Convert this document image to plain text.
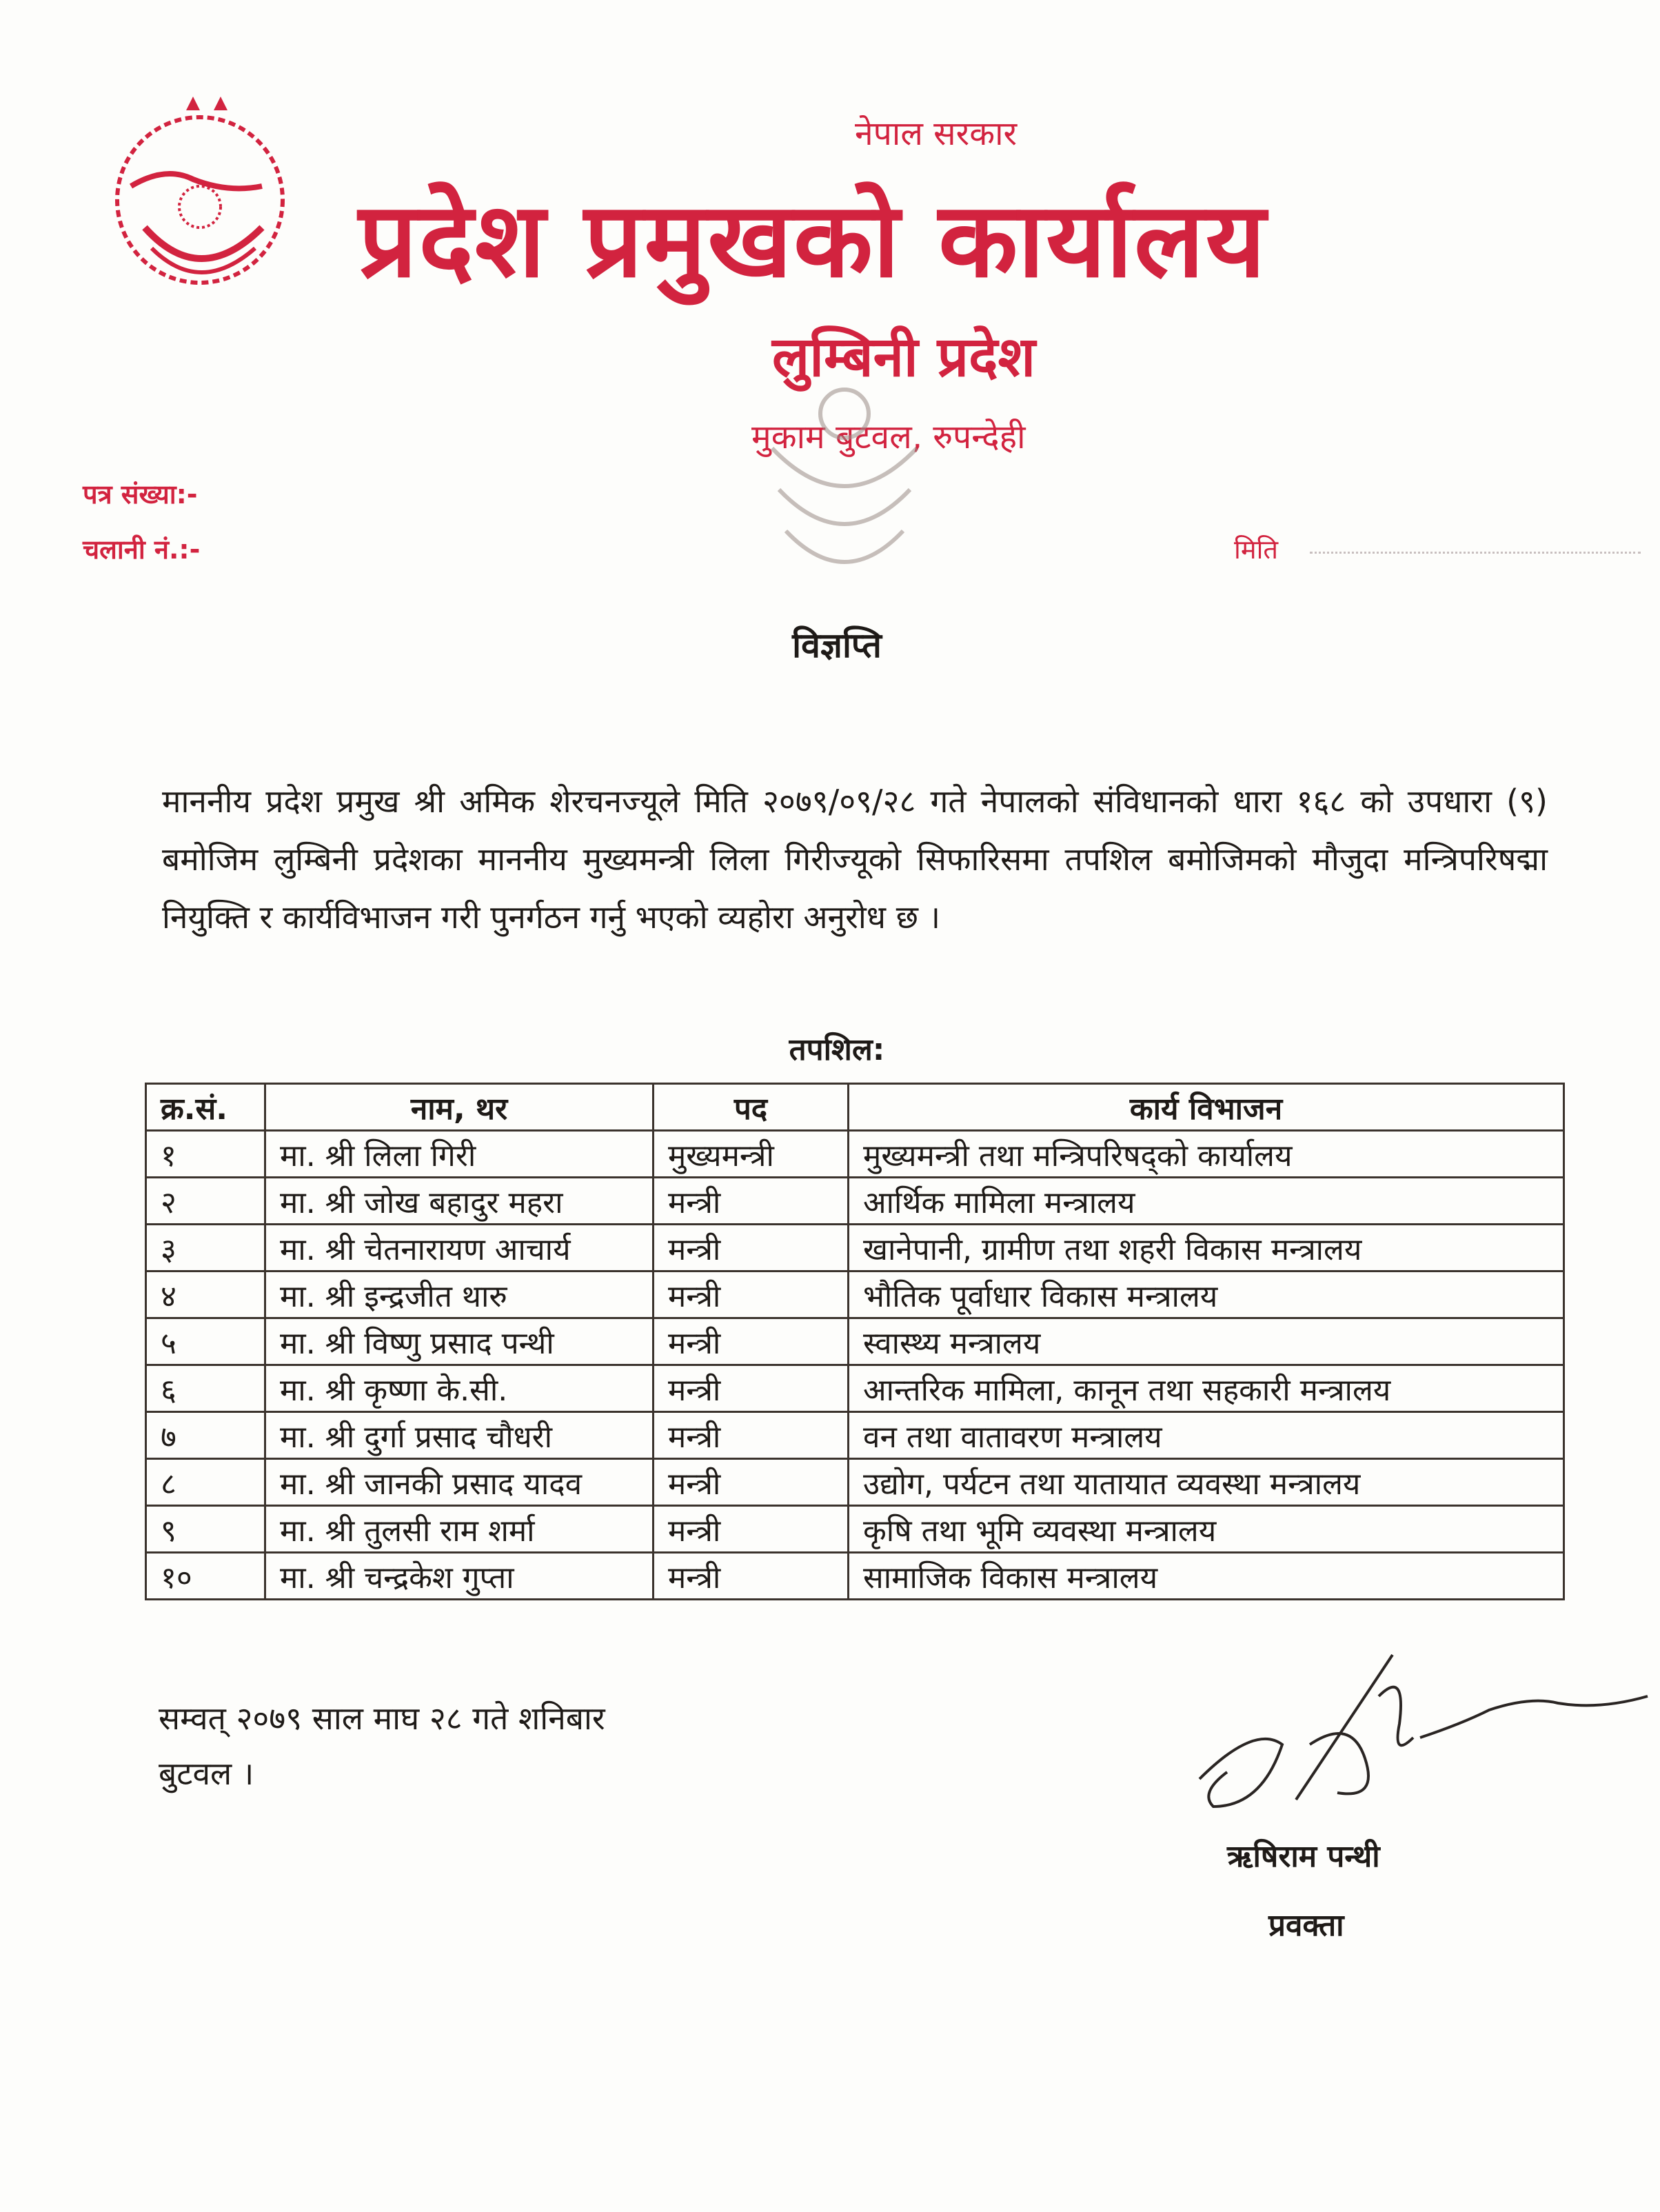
नेपाल सरकार
प्रदेश प्रमुखको कार्यालय
लुम्बिनी प्रदेश
मुकाम बुटवल, रुपन्देही
पत्र संख्या:-
चलानी नं.:-	मिति
विज्ञप्ति
माननीय प्रदेश प्रमुख श्री अमिक शेरचनज्यूले मिति २०७९/०९/२८ गते नेपालको संविधानको धारा १६८ को उपधारा (९) बमोजिम लुम्बिनी प्रदेशका माननीय मुख्यमन्त्री लिला गिरीज्यूको सिफारिसमा तपशिल बमोजिमको मौजुदा मन्त्रिपरिषद्मा नियुक्ति र कार्यविभाजन गरी पुनर्गठन गर्नु भएको व्यहोरा अनुरोध छ ।
तपशिल:
क्र.सं.	नाम, थर	पद	कार्य विभाजन
१	मा. श्री लिला गिरी	मुख्यमन्त्री	मुख्यमन्त्री तथा मन्त्रिपरिषद्को कार्यालय
२	मा. श्री जोख बहादुर महरा	मन्त्री	आर्थिक मामिला मन्त्रालय
३	मा. श्री चेतनारायण आचार्य	मन्त्री	खानेपानी, ग्रामीण तथा शहरी विकास मन्त्रालय
४	मा. श्री इन्द्रजीत थारु	मन्त्री	भौतिक पूर्वाधार विकास मन्त्रालय
५	मा. श्री विष्णु प्रसाद पन्थी	मन्त्री	स्वास्थ्य मन्त्रालय
६	मा. श्री कृष्णा के.सी.	मन्त्री	आन्तरिक मामिला, कानून तथा सहकारी मन्त्रालय
७	मा. श्री दुर्गा प्रसाद चौधरी	मन्त्री	वन तथा वातावरण मन्त्रालय
८	मा. श्री जानकी प्रसाद यादव	मन्त्री	उद्योग, पर्यटन तथा यातायात व्यवस्था मन्त्रालय
९	मा. श्री तुलसी राम शर्मा	मन्त्री	कृषि तथा भूमि व्यवस्था मन्त्रालय
१०	मा. श्री चन्द्रकेश गुप्ता	मन्त्री	सामाजिक विकास मन्त्रालय
सम्वत् २०७९ साल माघ २८ गते शनिबार
बुटवल ।
ऋषिराम पन्थी
प्रवक्ता
